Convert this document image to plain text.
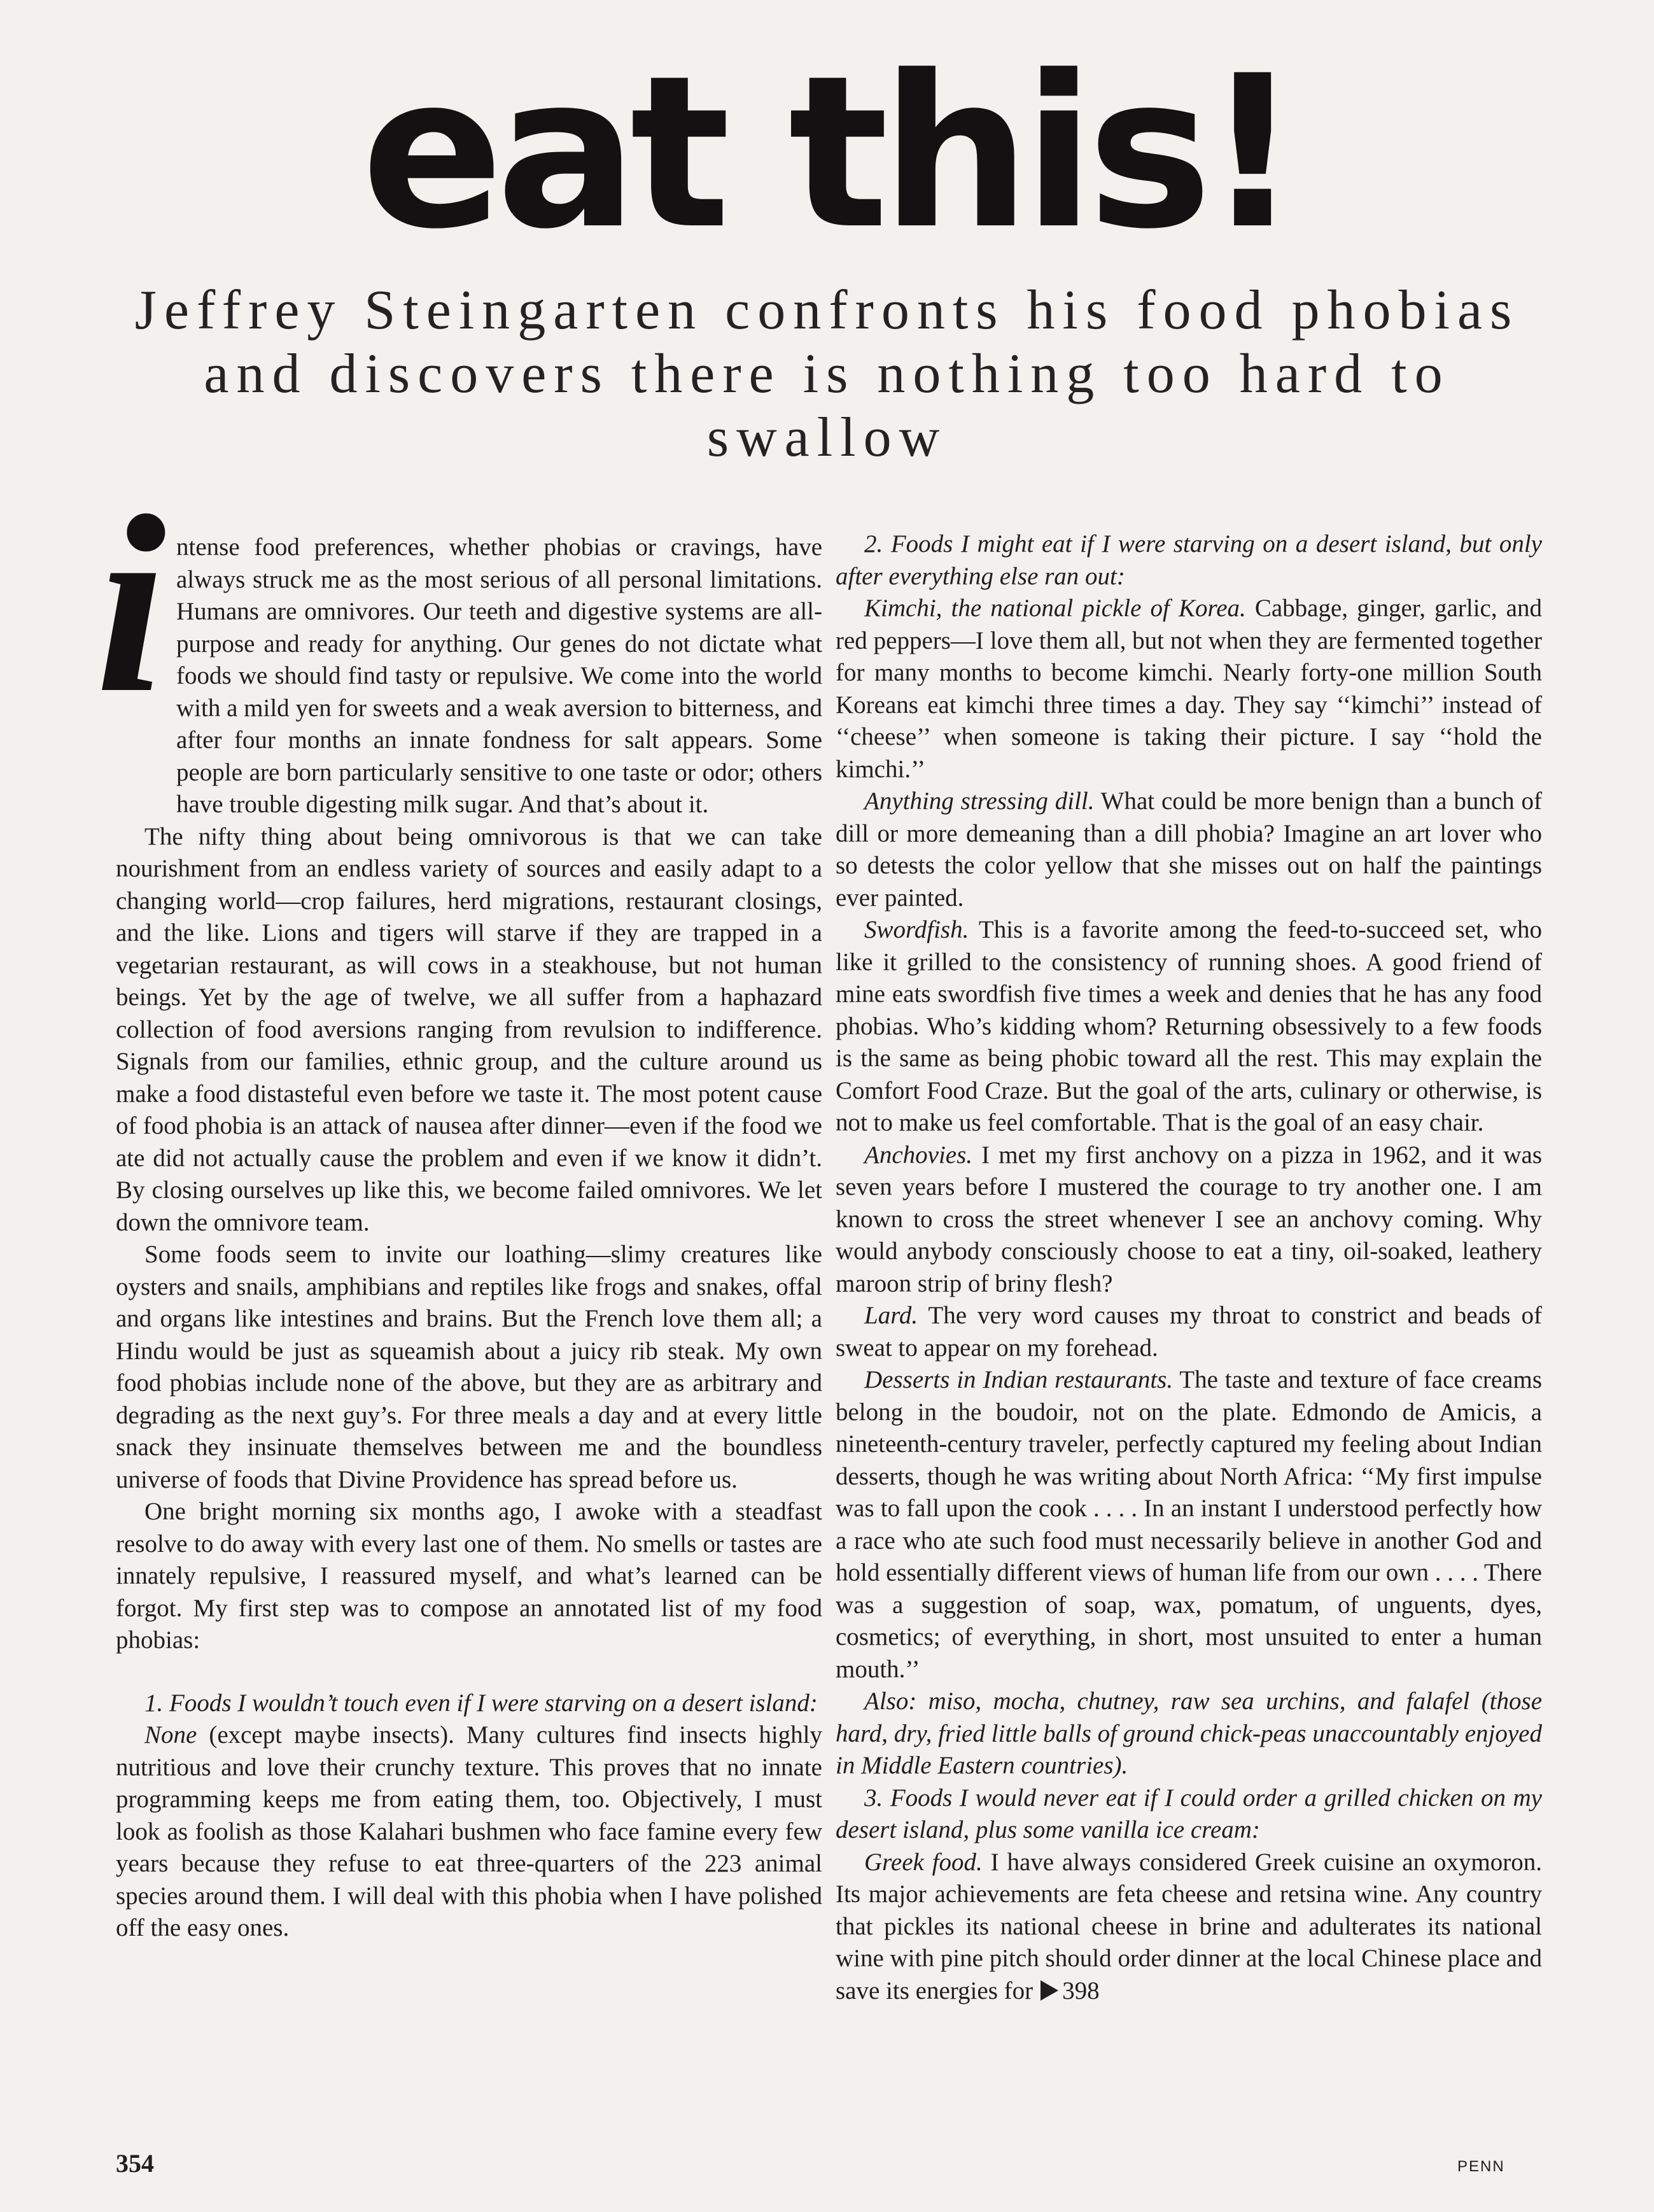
eat this!
Jeffrey Steingarten confronts his food phobias and discovers there is nothing too hard to swallow
i ntense food preferences, whether phobias or cravings, have always struck me as the most serious of all personal limitations. Humans are omnivores. Our teeth and digestive systems are all-purpose and ready for anything. Our genes do not dictate what foods we should find tasty or repulsive. We come into the world with a mild yen for sweets and a weak aversion to bitterness, and after four months an innate fondness for salt appears. Some people are born particularly sensitive to one taste or odor; others have trouble digesting milk sugar. And that’s about it.

The nifty thing about being omnivorous is that we can take nourishment from an endless variety of sources and easily adapt to a changing world—crop failures, herd migrations, restaurant closings, and the like. Lions and tigers will starve if they are trapped in a vegetarian restaurant, as will cows in a steakhouse, but not human beings. Yet by the age of twelve, we all suffer from a haphazard collection of food aversions ranging from revulsion to indifference. Signals from our families, ethnic group, and the culture around us make a food distasteful even before we taste it. The most potent cause of food phobia is an attack of nausea after dinner—even if the food we ate did not actually cause the problem and even if we know it didn’t. By closing ourselves up like this, we become failed omnivores. We let down the omnivore team.

Some foods seem to invite our loathing—slimy creatures like oysters and snails, amphibians and reptiles like frogs and snakes, offal and organs like intestines and brains. But the French love them all; a Hindu would be just as squeamish about a juicy rib steak. My own food phobias include none of the above, but they are as arbitrary and degrading as the next guy’s. For three meals a day and at every little snack they insinuate themselves between me and the boundless universe of foods that Divine Providence has spread before us.

One bright morning six months ago, I awoke with a steadfast resolve to do away with every last one of them. No smells or tastes are innately repulsive, I reassured myself, and what’s learned can be forgot. My first step was to compose an annotated list of my food phobias:

1. Foods I wouldn’t touch even if I were starving on a desert island:

None (except maybe insects). Many cultures find insects highly nutritious and love their crunchy texture. This proves that no innate programming keeps me from eating them, too. Objectively, I must look as foolish as those Kalahari bushmen who face famine every few years because they refuse to eat three-quarters of the 223 animal species around them. I will deal with this phobia when I have polished off the easy ones.

2. Foods I might eat if I were starving on a desert island, but only after everything else ran out:

Kimchi, the national pickle of Korea. Cabbage, ginger, garlic, and red peppers—I love them all, but not when they are fermented together for many months to become kimchi. Nearly forty-one million South Koreans eat kimchi three times a day. They say ‘‘kimchi’’ instead of ‘‘cheese’’ when someone is taking their picture. I say ‘‘hold the kimchi.’’

Anything stressing dill. What could be more benign than a bunch of dill or more demeaning than a dill phobia? Imagine an art lover who so detests the color yellow that she misses out on half the paintings ever painted.

Swordfish. This is a favorite among the feed-to-succeed set, who like it grilled to the consistency of running shoes. A good friend of mine eats swordfish five times a week and denies that he has any food phobias. Who’s kidding whom? Returning obsessively to a few foods is the same as being phobic toward all the rest. This may explain the Comfort Food Craze. But the goal of the arts, culinary or otherwise, is not to make us feel comfortable. That is the goal of an easy chair.

Anchovies. I met my first anchovy on a pizza in 1962, and it was seven years before I mustered the courage to try another one. I am known to cross the street whenever I see an anchovy coming. Why would anybody consciously choose to eat a tiny, oil-soaked, leathery maroon strip of briny flesh?

Lard. The very word causes my throat to constrict and beads of sweat to appear on my forehead.

Desserts in Indian restaurants. The taste and texture of face creams belong in the boudoir, not on the plate. Edmondo de Amicis, a nineteenth-century traveler, perfectly captured my feeling about Indian desserts, though he was writing about North Africa: ‘‘My first impulse was to fall upon the cook . . . . In an instant I understood perfectly how a race who ate such food must necessarily believe in another God and hold essentially different views of human life from our own . . . . There was a suggestion of soap, wax, pomatum, of unguents, dyes, cosmetics; of everything, in short, most unsuited to enter a human mouth.’’

Also: miso, mocha, chutney, raw sea urchins, and falafel (those hard, dry, fried little balls of ground chick-peas unaccountably enjoyed in Middle Eastern countries).

3. Foods I would never eat if I could order a grilled chicken on my desert island, plus some vanilla ice cream:

Greek food. I have always considered Greek cuisine an oxymoron. Its major achievements are feta cheese and retsina wine. Any country that pickles its national cheese in brine and adulterates its national wine with pine pitch should order dinner at the local Chinese place and save its energies for 398

354	PENN
